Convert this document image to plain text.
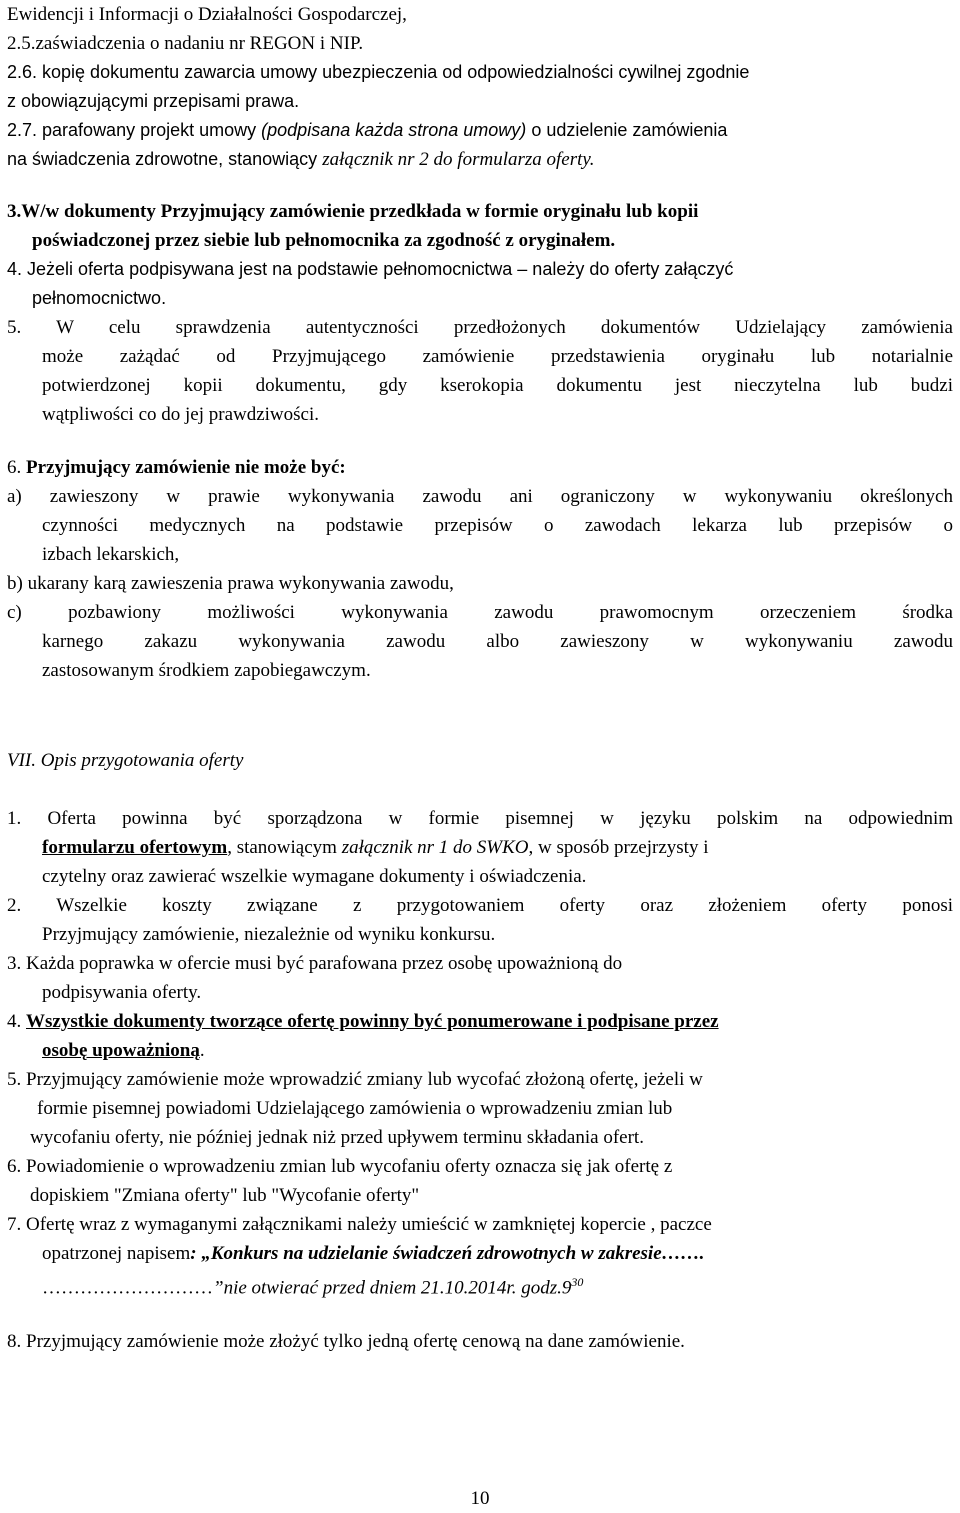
Ewidencji i Informacji o Działalności Gospodarczej,
2.5.zaświadczenia o nadaniu nr REGON i NIP.
2.6. kopię dokumentu zawarcia umowy ubezpieczenia od odpowiedzialności cywilnej zgodnie
z obowiązującymi przepisami prawa.
2.7. parafowany projekt umowy (podpisana każda strona umowy) o udzielenie zamówienia
na świadczenia zdrowotne, stanowiący załącznik nr 2 do formularza oferty.
3.W/w dokumenty Przyjmujący zamówienie przedkłada w formie oryginału lub kopii
poświadczonej przez siebie lub pełnomocnika za zgodność z oryginałem.
4. Jeżeli oferta podpisywana jest na podstawie pełnomocnictwa – należy do oferty załączyć
pełnomocnictwo.
5. W celu sprawdzenia autentyczności przedłożonych dokumentów Udzielający zamówienia
może zażądać od Przyjmującego zamówienie przedstawienia oryginału lub notarialnie
potwierdzonej kopii dokumentu, gdy kserokopia dokumentu jest nieczytelna lub budzi
wątpliwości co do jej prawdziwości.
6. Przyjmujący zamówienie nie może być:
a) zawieszony w prawie wykonywania zawodu ani ograniczony w wykonywaniu określonych
czynności medycznych na podstawie przepisów o zawodach lekarza lub przepisów o
izbach lekarskich,
b) ukarany karą zawieszenia prawa wykonywania zawodu,
c) pozbawiony możliwości wykonywania zawodu prawomocnym orzeczeniem środka
karnego zakazu wykonywania zawodu albo zawieszony w wykonywaniu zawodu
zastosowanym środkiem zapobiegawczym.
VII. Opis przygotowania oferty
1. Oferta powinna być sporządzona w formie pisemnej w języku polskim na odpowiednim
formularzu ofertowym, stanowiącym załącznik nr 1 do SWKO, w sposób przejrzysty i
czytelny oraz zawierać wszelkie wymagane dokumenty i oświadczenia.
2. Wszelkie koszty związane z przygotowaniem oferty oraz złożeniem oferty ponosi
Przyjmujący zamówienie, niezależnie od wyniku konkursu.
3. Każda poprawka w ofercie musi być parafowana przez osobę upoważnioną do
podpisywania oferty.
4. Wszystkie dokumenty tworzące ofertę powinny być ponumerowane i podpisane przez
osobę upoważnioną.
5. Przyjmujący zamówienie może wprowadzić zmiany lub wycofać złożoną ofertę, jeżeli w
formie pisemnej powiadomi Udzielającego zamówienia o wprowadzeniu zmian lub
wycofaniu oferty, nie później jednak niż przed upływem terminu składania ofert.
6. Powiadomienie o wprowadzeniu zmian lub wycofaniu oferty oznacza się jak ofertę z
dopiskiem "Zmiana oferty" lub "Wycofanie oferty"
7. Ofertę wraz z wymaganymi załącznikami należy umieścić w zamkniętej kopercie , paczce
opatrzonej napisem: „Konkurs na udzielanie świadczeń zdrowotnych w zakresie…….
………………………”nie otwierać przed dniem 21.10.2014r. $godz.9^{30}$
8. Przyjmujący zamówienie może złożyć tylko jedną ofertę cenową na dane zamówienie.
10
